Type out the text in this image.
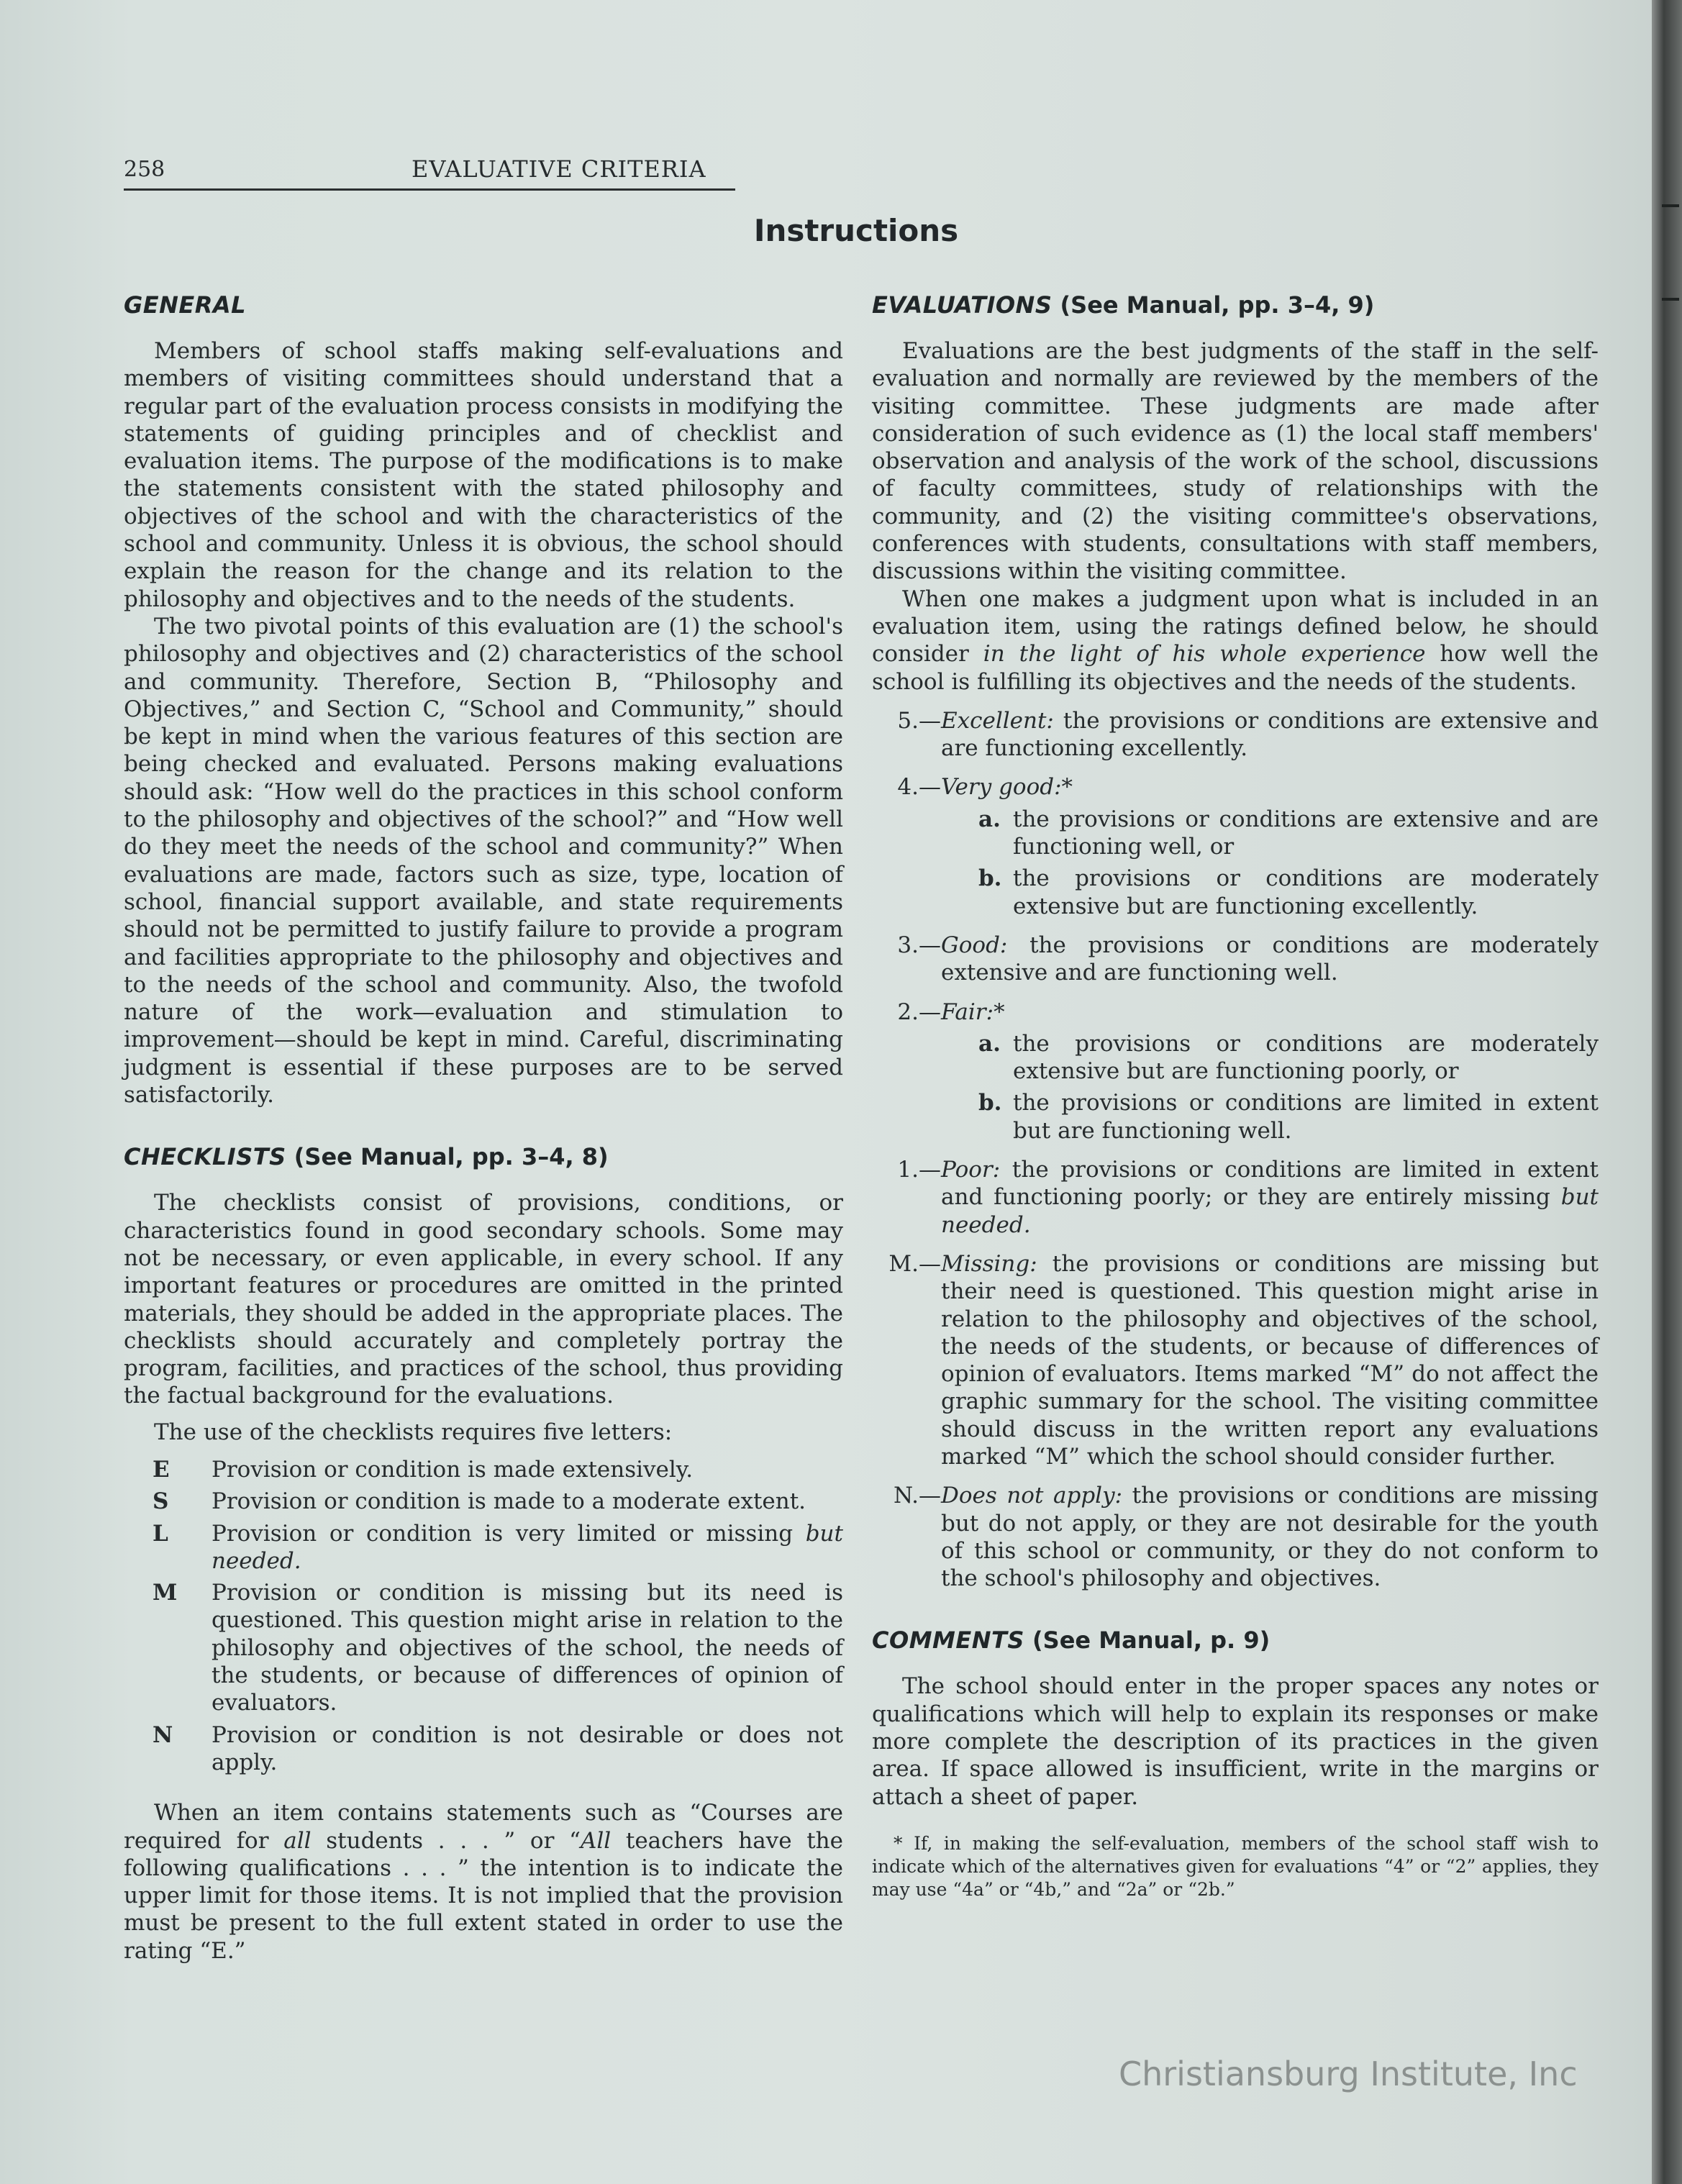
258	EVALUATIVE CRITERIA
Instructions
GENERAL

Members of school staffs making self-evaluations and members of visiting committees should understand that a regular part of the evaluation process consists in modifying the statements of guiding principles and of checklist and evaluation items. The purpose of the modifications is to make the statements consistent with the stated philosophy and objectives of the school and with the characteristics of the school and community. Unless it is obvious, the school should explain the reason for the change and its relation to the philosophy and objectives and to the needs of the students.

The two pivotal points of this evaluation are (1) the school's philosophy and objectives and (2) characteristics of the school and community. Therefore, Section B, “Philosophy and Objectives,” and Section C, “School and Community,” should be kept in mind when the various features of this section are being checked and evaluated. Persons making evaluations should ask: “How well do the practices in this school conform to the philosophy and objectives of the school?” and “How well do they meet the needs of the school and community?” When evaluations are made, factors such as size, type, location of school, financial support available, and state requirements should not be permitted to justify failure to provide a program and facilities appropriate to the philosophy and objectives and to the needs of the school and community. Also, the twofold nature of the work—evaluation and stimulation to improvement—should be kept in mind. Careful, discriminating judgment is essential if these purposes are to be served satisfactorily.

CHECKLISTS (See Manual, pp. 3–4, 8)

The checklists consist of provisions, conditions, or characteristics found in good secondary schools. Some may not be necessary, or even applicable, in every school. If any important features or procedures are omitted in the printed materials, they should be added in the appropriate places. The checklists should accurately and completely portray the program, facilities, and practices of the school, thus providing the factual background for the evaluations.

The use of the checklists requires five letters:

E	Provision or condition is made extensively.
S	Provision or condition is made to a moderate extent.
L	Provision or condition is very limited or missing but needed.
M	Provision or condition is missing but its need is questioned. This question might arise in relation to the philosophy and objectives of the school, the needs of the students, or because of differences of opinion of evaluators.
N	Provision or condition is not desirable or does not apply.

When an item contains statements such as “Courses are required for all students . . . ” or “All teachers have the following qualifications . . . ” the intention is to indicate the upper limit for those items. It is not implied that the provision must be present to the full extent stated in order to use the rating “E.”

EVALUATIONS (See Manual, pp. 3–4, 9)

Evaluations are the best judgments of the staff in the self-evaluation and normally are reviewed by the members of the visiting committee. These judgments are made after consideration of such evidence as (1) the local staff members' observation and analysis of the work of the school, discussions of faculty committees, study of relationships with the community, and (2) the visiting committee's observations, conferences with students, consultations with staff members, discussions within the visiting committee.

When one makes a judgment upon what is included in an evaluation item, using the ratings defined below, he should consider in the light of his whole experience how well the school is fulfilling its objectives and the needs of the students.

5.— Excellent: the provisions or conditions are extensive and are functioning excellently.
4.— Very good:*
a. the provisions or conditions are extensive and are functioning well, or
b. the provisions or conditions are moderately extensive but are functioning excellently.
3.— Good: the provisions or conditions are moderately extensive and are functioning well.
2.— Fair:*
a. the provisions or conditions are moderately extensive but are functioning poorly, or
b. the provisions or conditions are limited in extent but are functioning well.
1.— Poor: the provisions or conditions are limited in extent and functioning poorly; or they are entirely missing but needed.
M.— Missing: the provisions or conditions are missing but their need is questioned. This question might arise in relation to the philosophy and objectives of the school, the needs of the students, or because of differences of opinion of evaluators. Items marked “M” do not affect the graphic summary for the school. The visiting committee should discuss in the written report any evaluations marked “M” which the school should consider further.
N.— Does not apply: the provisions or conditions are missing but do not apply, or they are not desirable for the youth of this school or community, or they do not conform to the school's philosophy and objectives.
COMMENTS (See Manual, p. 9)

The school should enter in the proper spaces any notes or qualifications which will help to explain its responses or make more complete the description of its practices in the given area. If space allowed is insufficient, write in the margins or attach a sheet of paper.

* If, in making the self-evaluation, members of the school staff wish to indicate which of the alternatives given for evaluations “4” or “2” applies, they may use “4a” or “4b,” and “2a” or “2b.”

Christiansburg Institute, Inc
